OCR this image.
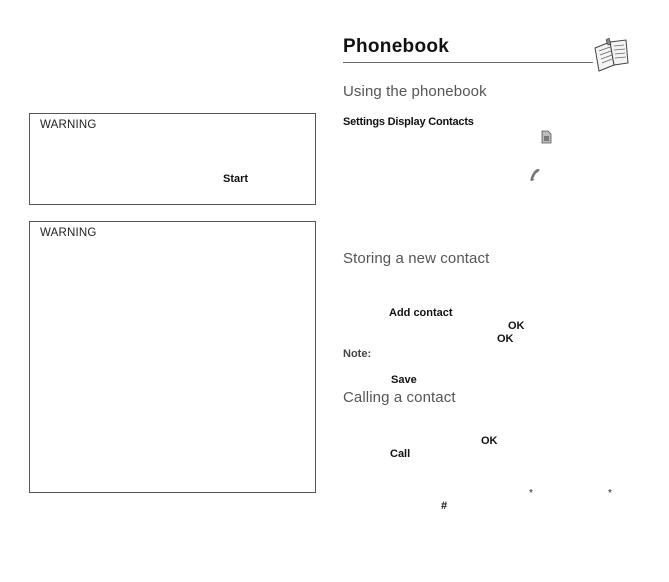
WARNING
Start
WARNING
Phonebook
Using the phonebook
Settings Display Contacts
Storing a new contact
Add contact
OK
OK
Note:
Save
Calling a contact
OK
Call
*	*
#
